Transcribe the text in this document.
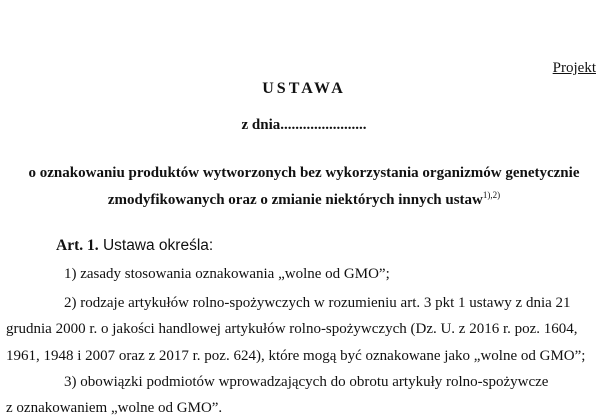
Projekt
USTAWA
z dnia.......................
o oznakowaniu produktów wytworzonych bez wykorzystania organizmów genetycznie
zmodyfikowanych oraz o zmianie niektórych innych ustaw$^{1),2)}$
Art. 1. Ustawa określa:
1) zasady stosowania oznakowania „wolne od GMO”;
2) rodzaje artykułów rolno-spożywczych w rozumieniu art. 3 pkt 1 ustawy z dnia 21
grudnia 2000 r. o jakości handlowej artykułów rolno-spożywczych (Dz. U. z 2016 r. poz. 1604,
1961, 1948 i 2007 oraz z 2017 r. poz. 624), które mogą być oznakowane jako „wolne od GMO”;
3) obowiązki podmiotów wprowadzających do obrotu artykuły rolno-spożywcze
z oznakowaniem „wolne od GMO”.
